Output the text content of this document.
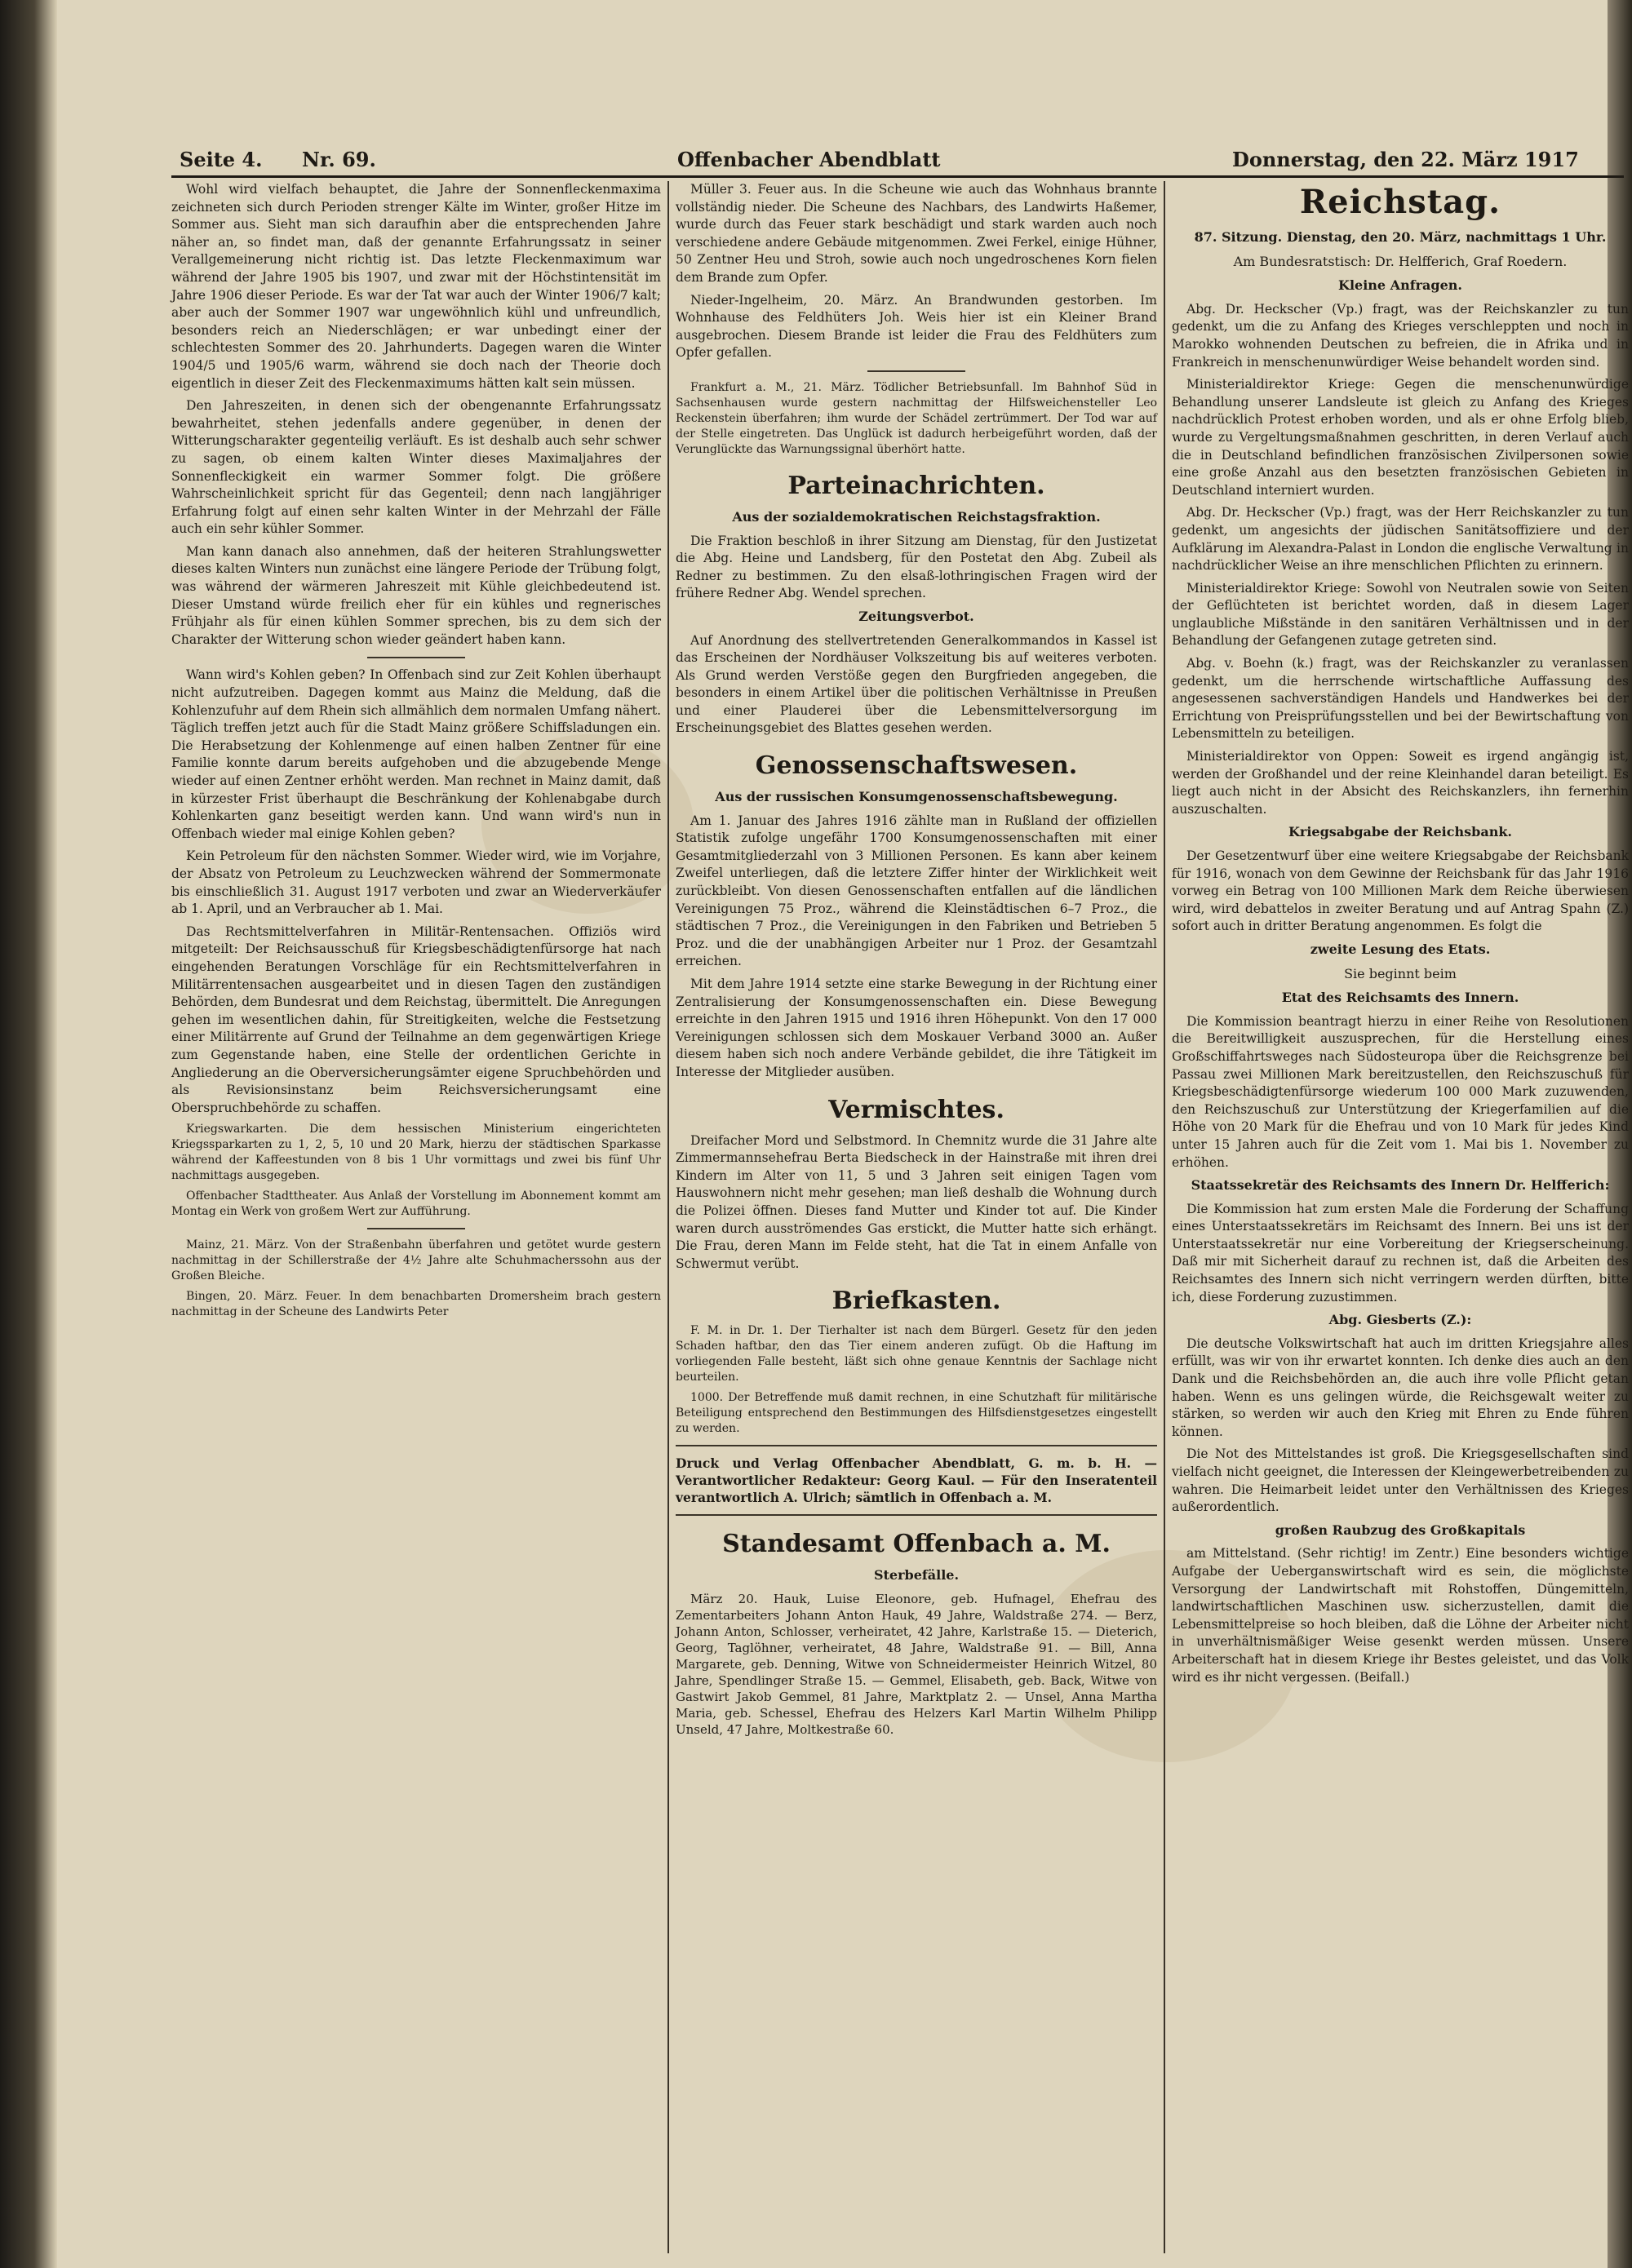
Seite 4. Nr. 69.	Offenbacher Abendblatt	Donnerstag, den 22. März 1917

Wohl wird vielfach behauptet, die Jahre der Sonnenfleckenmaxima zeichneten sich durch Perioden strenger Kälte im Winter, großer Hitze im Sommer aus. Sieht man sich daraufhin aber die entsprechenden Jahre näher an, so findet man, daß der genannte Erfahrungssatz in seiner Verallgemeinerung nicht richtig ist. Das letzte Fleckenmaximum war während der Jahre 1905 bis 1907, und zwar mit der Höchstintensität im Jahre 1906 dieser Periode. Es war der Tat war auch der Winter 1906/7 kalt; aber auch der Sommer 1907 war ungewöhnlich kühl und unfreundlich, besonders reich an Niederschlägen; er war unbedingt einer der schlechtesten Sommer des 20. Jahrhunderts. Dagegen waren die Winter 1904/5 und 1905/6 warm, während sie doch nach der Theorie doch eigentlich in dieser Zeit des Fleckenmaximums hätten kalt sein müssen.

Den Jahreszeiten, in denen sich der obengenannte Erfahrungssatz bewahrheitet, stehen jedenfalls andere gegenüber, in denen der Witterungscharakter gegenteilig verläuft. Es ist deshalb auch sehr schwer zu sagen, ob einem kalten Winter dieses Maximaljahres der Sonnenfleckigkeit ein warmer Sommer folgt. Die größere Wahrscheinlichkeit spricht für das Gegenteil; denn nach langjähriger Erfahrung folgt auf einen sehr kalten Winter in der Mehrzahl der Fälle auch ein sehr kühler Sommer.

Man kann danach also annehmen, daß der heiteren Strahlungswetter dieses kalten Winters nun zunächst eine längere Periode der Trübung folgt, was während der wärmeren Jahreszeit mit Kühle gleichbedeutend ist. Dieser Umstand würde freilich eher für ein kühles und regnerisches Frühjahr als für einen kühlen Sommer sprechen, bis zu dem sich der Charakter der Witterung schon wieder geändert haben kann.

Wann wird's Kohlen geben? In Offenbach sind zur Zeit Kohlen überhaupt nicht aufzutreiben. Dagegen kommt aus Mainz die Meldung, daß die Kohlenzufuhr auf dem Rhein sich allmählich dem normalen Umfang nähert. Täglich treffen jetzt auch für die Stadt Mainz größere Schiffsladungen ein. Die Herabsetzung der Kohlenmenge auf einen halben Zentner für eine Familie konnte darum bereits aufgehoben und die abzugebende Menge wieder auf einen Zentner erhöht werden. Man rechnet in Mainz damit, daß in kürzester Frist überhaupt die Beschränkung der Kohlenabgabe durch Kohlenkarten ganz beseitigt werden kann. Und wann wird's nun in Offenbach wieder mal einige Kohlen geben?

Kein Petroleum für den nächsten Sommer. Wieder wird, wie im Vorjahre, der Absatz von Petroleum zu Leuchzwecken während der Sommermonate bis einschließlich 31. August 1917 verboten und zwar an Wiederverkäufer ab 1. April, und an Verbraucher ab 1. Mai.

Das Rechtsmittelverfahren in Militär-Rentensachen. Offiziös wird mitgeteilt: Der Reichsausschuß für Kriegsbeschädigtenfürsorge hat nach eingehenden Beratungen Vorschläge für ein Rechtsmittelverfahren in Militärrentensachen ausgearbeitet und in diesen Tagen den zuständigen Behörden, dem Bundesrat und dem Reichstag, übermittelt. Die Anregungen gehen im wesentlichen dahin, für Streitigkeiten, welche die Festsetzung einer Militärrente auf Grund der Teilnahme an dem gegenwärtigen Kriege zum Gegenstande haben, eine Stelle der ordentlichen Gerichte in Angliederung an die Oberversicherungsämter eigene Spruchbehörden und als Revisionsinstanz beim Reichsversicherungsamt eine Oberspruchbehörde zu schaffen.

Kriegswarkarten. Die dem hessischen Ministerium eingerichteten Kriegssparkarten zu 1, 2, 5, 10 und 20 Mark, hierzu der städtischen Sparkasse während der Kaffeestunden von 8 bis 1 Uhr vormittags und zwei bis fünf Uhr nachmittags ausgegeben.

Offenbacher Stadttheater. Aus Anlaß der Vorstellung im Abonnement kommt am Montag ein Werk von großem Wert zur Aufführung.

Mainz, 21. März. Von der Straßenbahn überfahren und getötet wurde gestern nachmittag in der Schillerstraße der 4½ Jahre alte Schuhmacherssohn aus der Großen Bleiche.

Bingen, 20. März. Feuer. In dem benachbarten Dromersheim brach gestern nachmittag in der Scheune des Landwirts Peter

Müller 3. Feuer aus. In die Scheune wie auch das Wohnhaus brannte vollständig nieder. Die Scheune des Nachbars, des Landwirts Haßemer, wurde durch das Feuer stark beschädigt und stark warden auch noch verschiedene andere Gebäude mitgenommen. Zwei Ferkel, einige Hühner, 50 Zentner Heu und Stroh, sowie auch noch ungedroschenes Korn fielen dem Brande zum Opfer.

Nieder-Ingelheim, 20. März. An Brandwunden gestorben. Im Wohnhause des Feldhüters Joh. Weis hier ist ein Kleiner Brand ausgebrochen. Diesem Brande ist leider die Frau des Feldhüters zum Opfer gefallen.

Frankfurt a. M., 21. März. Tödlicher Betriebsunfall. Im Bahnhof Süd in Sachsenhausen wurde gestern nachmittag der Hilfsweichensteller Leo Reckenstein überfahren; ihm wurde der Schädel zertrümmert. Der Tod war auf der Stelle eingetreten. Das Unglück ist dadurch herbeigeführt worden, daß der Verunglückte das Warnungssignal überhört hatte.

Parteinachrichten.
Aus der sozialdemokratischen Reichstagsfraktion.

Die Fraktion beschloß in ihrer Sitzung am Dienstag, für den Justizetat die Abg. Heine und Landsberg, für den Postetat den Abg. Zubeil als Redner zu bestimmen. Zu den elsaß-lothringischen Fragen wird der frühere Redner Abg. Wendel sprechen.

Zeitungsverbot.

Auf Anordnung des stellvertretenden Generalkommandos in Kassel ist das Erscheinen der Nordhäuser Volkszeitung bis auf weiteres verboten. Als Grund werden Verstöße gegen den Burgfrieden angegeben, die besonders in einem Artikel über die politischen Verhältnisse in Preußen und einer Plauderei über die Lebensmittelversorgung im Erscheinungsgebiet des Blattes gesehen werden.

Genossenschaftswesen.
Aus der russischen Konsumgenossenschaftsbewegung.

Am 1. Januar des Jahres 1916 zählte man in Rußland der offiziellen Statistik zufolge ungefähr 1700 Konsumgenossenschaften mit einer Gesamtmitgliederzahl von 3 Millionen Personen. Es kann aber keinem Zweifel unterliegen, daß die letztere Ziffer hinter der Wirklichkeit weit zurückbleibt. Von diesen Genossenschaften entfallen auf die ländlichen Vereinigungen 75 Proz., während die Kleinstädtischen 6–7 Proz., die städtischen 7 Proz., die Vereinigungen in den Fabriken und Betrieben 5 Proz. und die der unabhängigen Arbeiter nur 1 Proz. der Gesamtzahl erreichen.

Mit dem Jahre 1914 setzte eine starke Bewegung in der Richtung einer Zentralisierung der Konsumgenossenschaften ein. Diese Bewegung erreichte in den Jahren 1915 und 1916 ihren Höhepunkt. Von den 17 000 Vereinigungen schlossen sich dem Moskauer Verband 3000 an. Außer diesem haben sich noch andere Verbände gebildet, die ihre Tätigkeit im Interesse der Mitglieder ausüben.

Vermischtes.

Dreifacher Mord und Selbstmord. In Chemnitz wurde die 31 Jahre alte Zimmermannsehefrau Berta Biedscheck in der Hainstraße mit ihren drei Kindern im Alter von 11, 5 und 3 Jahren seit einigen Tagen vom Hauswohnern nicht mehr gesehen; man ließ deshalb die Wohnung durch die Polizei öffnen. Dieses fand Mutter und Kinder tot auf. Die Kinder waren durch ausströmendes Gas erstickt, die Mutter hatte sich erhängt. Die Frau, deren Mann im Felde steht, hat die Tat in einem Anfalle von Schwermut verübt.

Briefkasten.

F. M. in Dr. 1. Der Tierhalter ist nach dem Bürgerl. Gesetz für den jeden Schaden haftbar, den das Tier einem anderen zufügt. Ob die Haftung im vorliegenden Falle besteht, läßt sich ohne genaue Kenntnis der Sachlage nicht beurteilen.

1000. Der Betreffende muß damit rechnen, in eine Schutzhaft für militärische Beteiligung entsprechend den Bestimmungen des Hilfsdienstgesetzes eingestellt zu werden.

Druck und Verlag Offenbacher Abendblatt, G. m. b. H. — Verantwortlicher Redakteur: Georg Kaul. — Für den Inseratenteil verantwortlich A. Ulrich; sämtlich in Offenbach a. M.
Standesamt Offenbach a. M.
Sterbefälle.

März 20. Hauk, Luise Eleonore, geb. Hufnagel, Ehefrau des Zementarbeiters Johann Anton Hauk, 49 Jahre, Waldstraße 274. — Berz, Johann Anton, Schlosser, verheiratet, 42 Jahre, Karlstraße 15. — Dieterich, Georg, Taglöhner, verheiratet, 48 Jahre, Waldstraße 91. — Bill, Anna Margarete, geb. Denning, Witwe von Schneidermeister Heinrich Witzel, 80 Jahre, Spendlinger Straße 15. — Gemmel, Elisabeth, geb. Back, Witwe von Gastwirt Jakob Gemmel, 81 Jahre, Marktplatz 2. — Unsel, Anna Martha Maria, geb. Schessel, Ehefrau des Helzers Karl Martin Wilhelm Philipp Unseld, 47 Jahre, Moltkestraße 60.

Reichstag.
87. Sitzung. Dienstag, den 20. März, nachmittags 1 Uhr.
Am Bundesratstisch: Dr. Helfferich, Graf Roedern.
Kleine Anfragen.

Abg. Dr. Heckscher (Vp.) fragt, was der Reichskanzler zu tun gedenkt, um die zu Anfang des Krieges verschleppten und noch in Marokko wohnenden Deutschen zu befreien, die in Afrika und in Frankreich in menschenunwürdiger Weise behandelt worden sind.

Ministerialdirektor Kriege: Gegen die menschenunwürdige Behandlung unserer Landsleute ist gleich zu Anfang des Krieges nachdrücklich Protest erhoben worden, und als er ohne Erfolg blieb, wurde zu Vergeltungsmaßnahmen geschritten, in deren Verlauf auch die in Deutschland befindlichen französischen Zivilpersonen sowie eine große Anzahl aus den besetzten französischen Gebieten in Deutschland interniert wurden.

Abg. Dr. Heckscher (Vp.) fragt, was der Herr Reichskanzler zu tun gedenkt, um angesichts der jüdischen Sanitätsoffiziere und der Aufklärung im Alexandra-Palast in London die englische Verwaltung in nachdrücklicher Weise an ihre menschlichen Pflichten zu erinnern.

Ministerialdirektor Kriege: Sowohl von Neutralen sowie von Seiten der Geflüchteten ist berichtet worden, daß in diesem Lager unglaubliche Mißstände in den sanitären Verhältnissen und in der Behandlung der Gefangenen zutage getreten sind.

Abg. v. Boehn (k.) fragt, was der Reichskanzler zu veranlassen gedenkt, um die herrschende wirtschaftliche Auffassung des angesessenen sachverständigen Handels und Handwerkes bei der Errichtung von Preisprüfungsstellen und bei der Bewirtschaftung von Lebensmitteln zu beteiligen.

Ministerialdirektor von Oppen: Soweit es irgend angängig ist, werden der Großhandel und der reine Kleinhandel daran beteiligt. Es liegt auch nicht in der Absicht des Reichskanzlers, ihn fernerhin auszuschalten.

Kriegsabgabe der Reichsbank.

Der Gesetzentwurf über eine weitere Kriegsabgabe der Reichsbank für 1916, wonach von dem Gewinne der Reichsbank für das Jahr 1916 vorweg ein Betrag von 100 Millionen Mark dem Reiche überwiesen wird, wird debattelos in zweiter Beratung und auf Antrag Spahn (Z.) sofort auch in dritter Beratung angenommen. Es folgt die

zweite Lesung des Etats.
Sie beginnt beim
Etat des Reichsamts des Innern.

Die Kommission beantragt hierzu in einer Reihe von Resolutionen die Bereitwilligkeit auszusprechen, für die Herstellung eines Großschiffahrtsweges nach Südosteuropa über die Reichsgrenze bei Passau zwei Millionen Mark bereitzustellen, den Reichszuschuß für Kriegsbeschädigtenfürsorge wiederum 100 000 Mark zuzuwenden, den Reichszuschuß zur Unterstützung der Kriegerfamilien auf die Höhe von 20 Mark für die Ehefrau und von 10 Mark für jedes Kind unter 15 Jahren auch für die Zeit vom 1. Mai bis 1. November zu erhöhen.

Staatssekretär des Reichsamts des Innern Dr. Helfferich:

Die Kommission hat zum ersten Male die Forderung der Schaffung eines Unterstaatssekretärs im Reichsamt des Innern. Bei uns ist der Unterstaatssekretär nur eine Vorbereitung der Kriegserscheinung. Daß mir mit Sicherheit darauf zu rechnen ist, daß die Arbeiten des Reichsamtes des Innern sich nicht verringern werden dürften, bitte ich, diese Forderung zuzustimmen.

Abg. Giesberts (Z.):

Die deutsche Volkswirtschaft hat auch im dritten Kriegsjahre alles erfüllt, was wir von ihr erwartet konnten. Ich denke dies auch an den Dank und die Reichsbehörden an, die auch ihre volle Pflicht getan haben. Wenn es uns gelingen würde, die Reichsgewalt weiter zu stärken, so werden wir auch den Krieg mit Ehren zu Ende führen können.

Die Not des Mittelstandes ist groß. Die Kriegsgesellschaften sind vielfach nicht geeignet, die Interessen der Kleingewerbetreibenden zu wahren. Die Heimarbeit leidet unter den Verhältnissen des Krieges außerordentlich.

großen Raubzug des Großkapitals

am Mittelstand. (Sehr richtig! im Zentr.) Eine besonders wichtige Aufgabe der Ueberganswirtschaft wird es sein, die möglichste Versorgung der Landwirtschaft mit Rohstoffen, Düngemitteln, landwirtschaftlichen Maschinen usw. sicherzustellen, damit die Lebensmittelpreise so hoch bleiben, daß die Löhne der Arbeiter nicht in unverhältnismäßiger Weise gesenkt werden müssen. Unsere Arbeiterschaft hat in diesem Kriege ihr Bestes geleistet, und das Volk wird es ihr nicht vergessen. (Beifall.)
